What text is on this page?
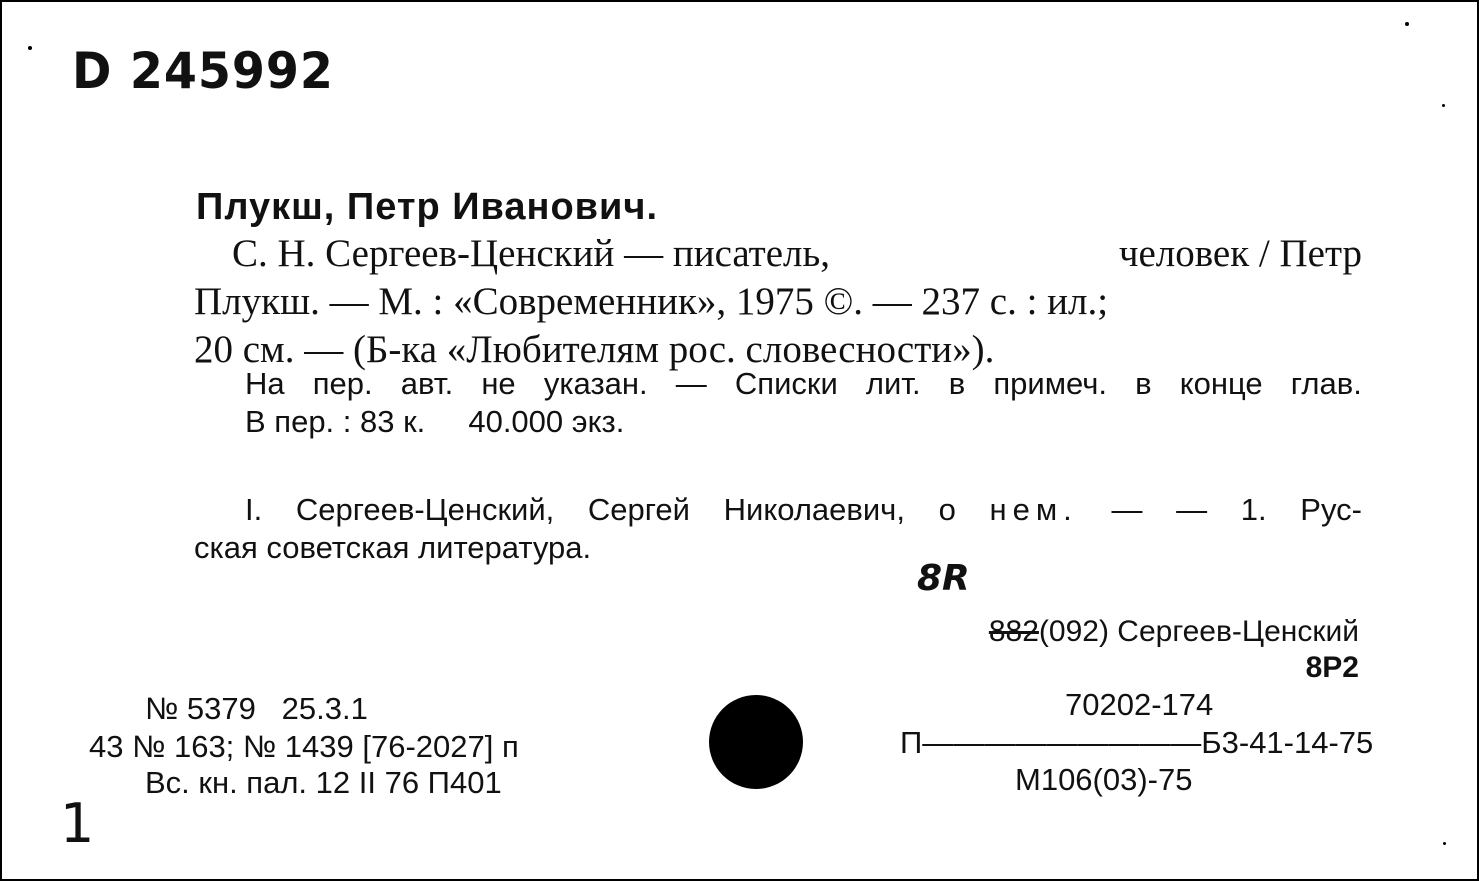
D 245992
Плукш, Петр Иванович.
С. Н. Сергеев-Ценский — писатель,	человек / Петр
Плукш. — М. : «Современник», 1975 ©. — 237 с. : ил.;
20 см. — (Б-ка «Любителям рос. словесности»).
На пер. авт. не указан. — Списки лит. в примеч. в конце глав.
В пер. : 83 к.     40.000 экз.
I. Сергеев-Ценский, Сергей Николаевич, о нем. — — 1. Рус-
ская советская литература.
8R
882(092) Сергеев-Ценский
8Р2
№ 5379   25.3.1
43 № 163; № 1439 [76-2027] п
Вс. кн. пал. 12 II 76 П401
70202-174
П—————————Б3-41-14-75
М106(03)-75
1
